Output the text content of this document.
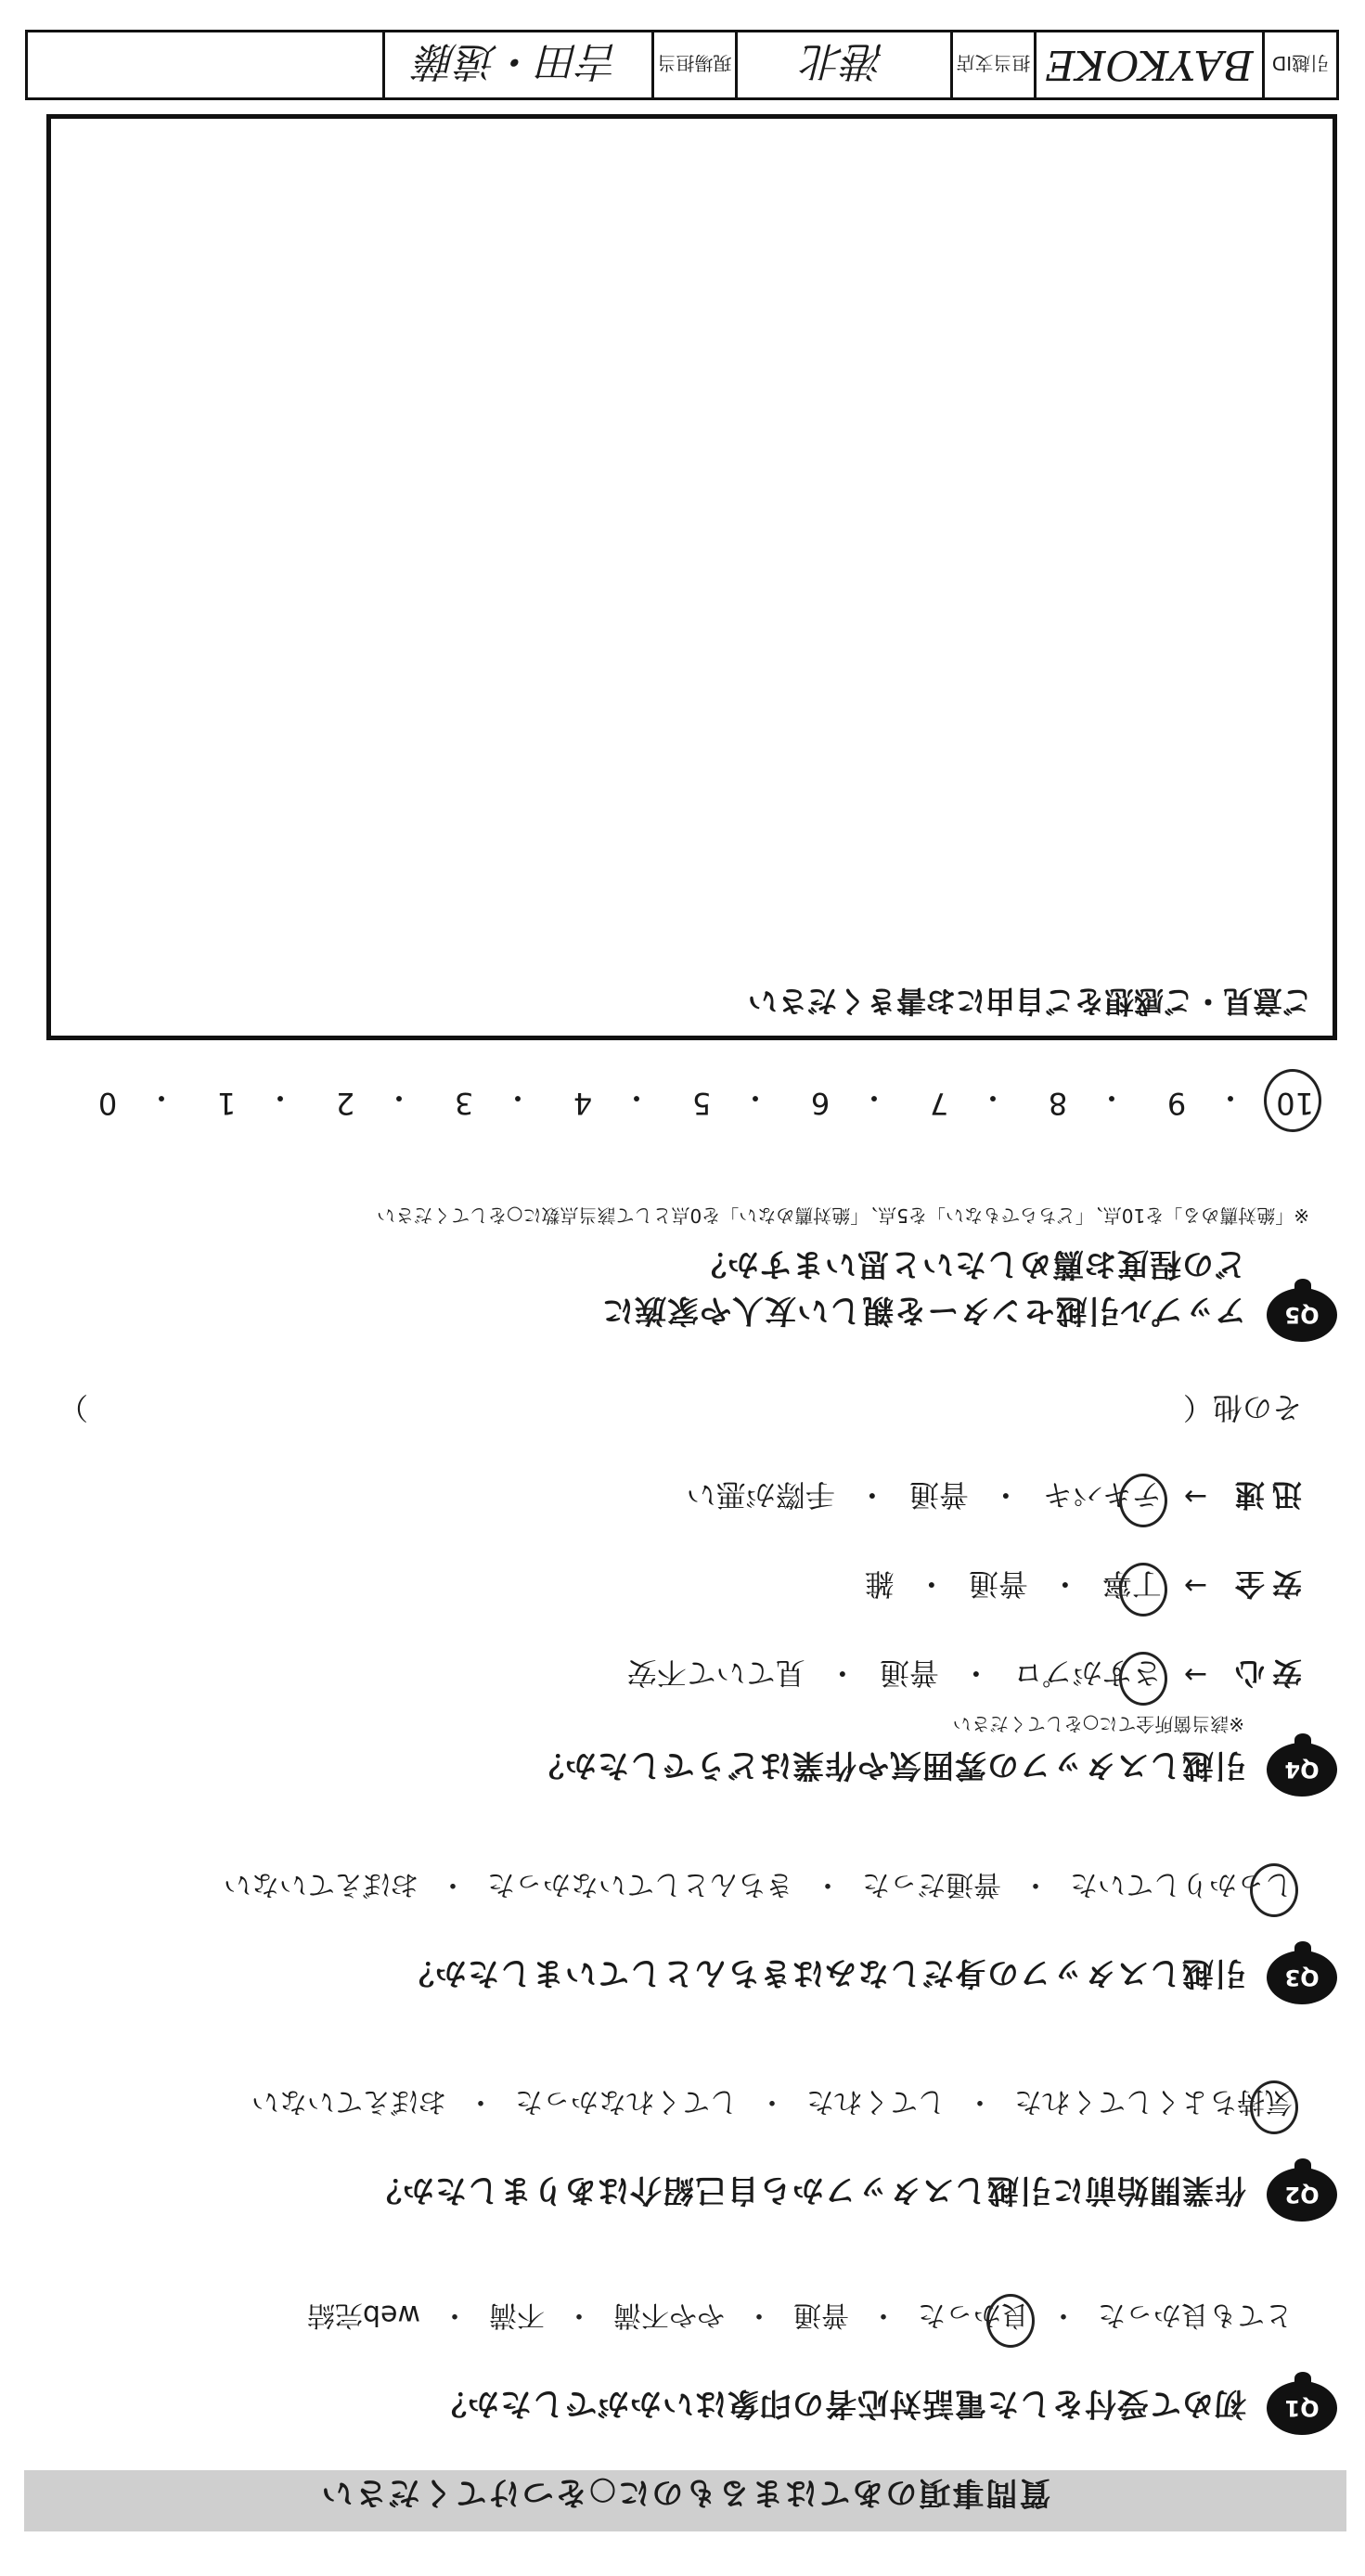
質問事項のあてはまるものに○をつけてください
Q1
初めて受付をした電話対応者の印象はいかがでしたか？
とても良かった
・
良かった
・
普通
・
やや不満
・
不満
・
web完結
Q2
作業開始前に引越しスタッフから自己紹介はありましたか？
気持ちよくしてくれた
・
してくれた
・
してくれなかった
・
おぼえていない
Q3
引越しスタッフの身だしなみはきちんとしていましたか？
しっかりしていた
・
普通だった
・
きちんとしていなかった
・
おぼえていない
Q4
引越しスタッフの雰囲気や作業はどうでしたか？
※該当箇所全てに○をしてください
安心
→
さすがプロ
・
普通
・
見ていて不安
安全
→
丁寧
・
普通
・
雑
迅速
→
テキパキ
・
普通
・
手際が悪い
その他（
）
Q5
アップル引越センターを親しい友人や家族に
どの程度お薦めしたいと思いますか？
※「絶対薦める」を10点、「どちらでもない」を5点、「絶対薦めない」を0点として該当点数に○をしてください
10
・
9
・
8
・
7
・
6
・
5
・
4
・
3
・
2
・
1
・
0
ご意見・ご感想をご自由にお書きください
引越ID
BAYKOKE
担当支店
港北
現場担当
吉田・遠藤
